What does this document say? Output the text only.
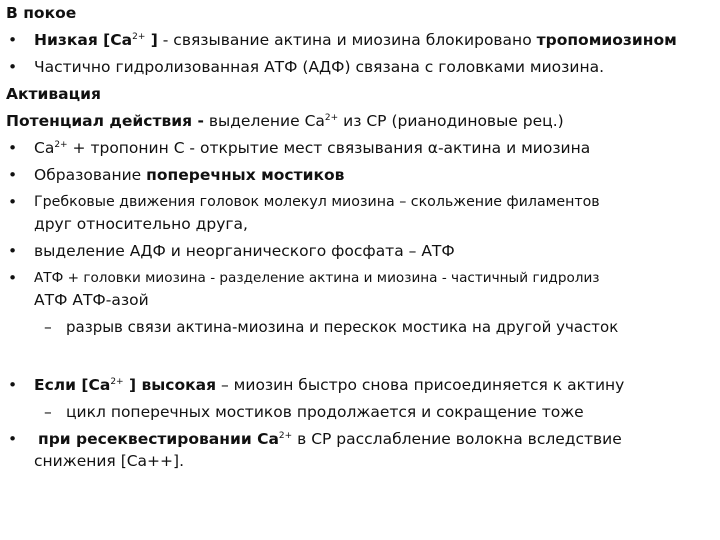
В покое
•	Низкая [$Ca^{2+}$ ] - связывание актина и миозина блокировано тропомиозином
•	Частично гидролизованная АТФ (АДФ) связана с головками миозина.
Активация
Потенциал действия - выделение $Ca^{2+}$ из СР (рианодиновые рец.)
•	$Ca^{2+}$ + тропонин С - открытие мест связывания α-актина и миозина
•	Образование поперечных мостиков
•	Гребковые движения головок молекул миозина – скольжение филаментов
друг относительно друга,
•	выделение АДФ и неорганического фосфата – АТФ
•	АТФ + головки миозина - разделение актина и миозина - частичный гидролиз
АТФ АТФ-азой
– разрыв связи актина-миозина и перескок мостика на другой участок
•	Если [$Ca^{2+}$ ] высокая – миозин быстро снова присоединяется к актину
– цикл поперечных мостиков продолжается и сокращение тоже
•	при ресеквестировании $Ca^{2+}$ в СР расслабление волокна вследствие
снижения [Ca++].
